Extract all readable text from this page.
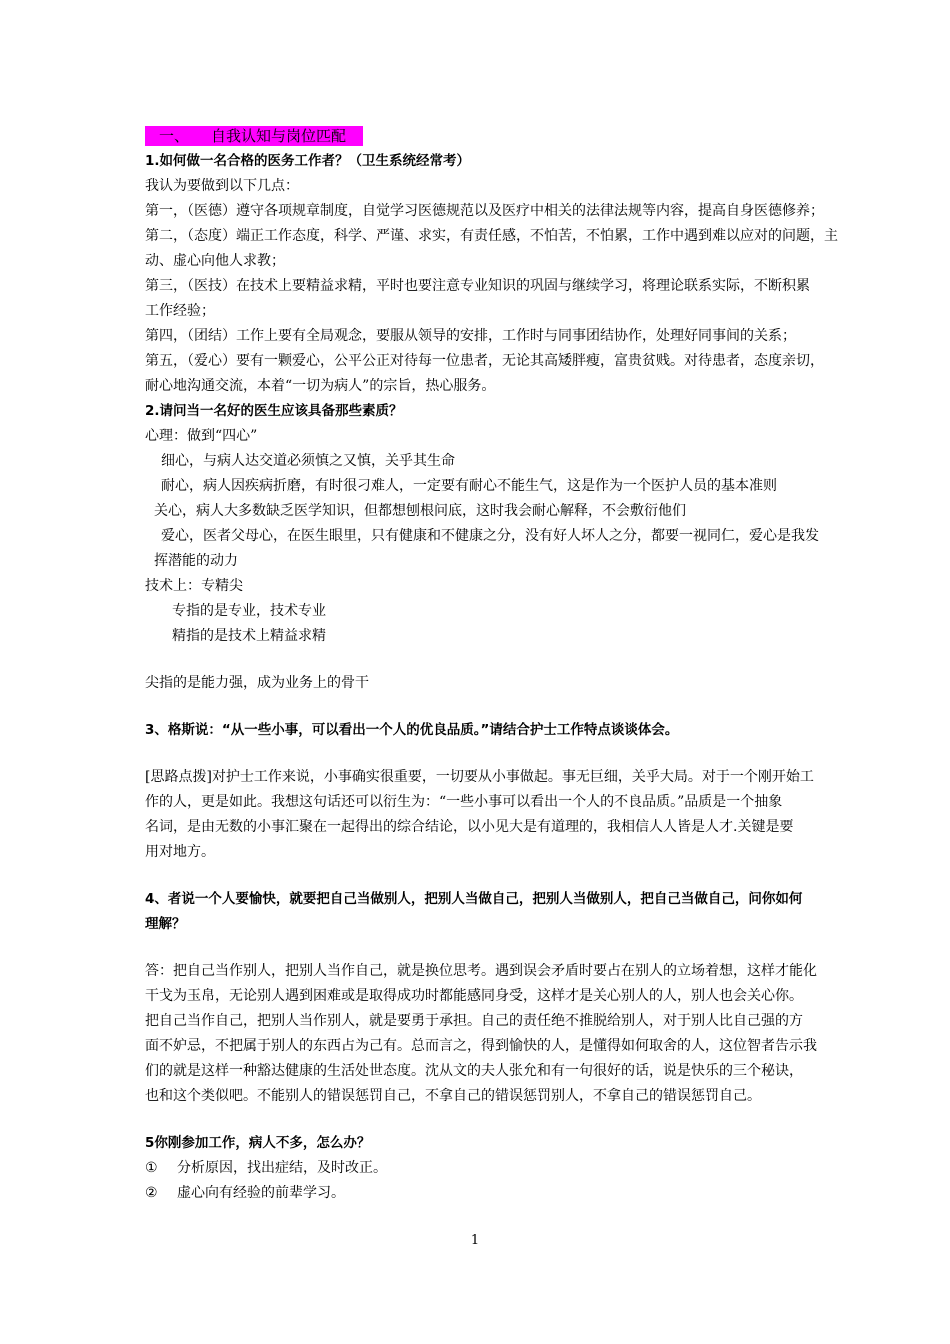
一、

自我认知与岗位匹配

1.如何做一名合格的医务工作者？（卫生系统经常考）
我认为要做到以下几点：
第一，（医德）遵守各项规章制度，自觉学习医德规范以及医疗中相关的法律法规等内容，提高自身医德修养；
第二，（态度）端正工作态度，科学、严谨、求实，有责任感，不怕苦，不怕累，工作中遇到难以应对的问题，主
动、虚心向他人求教；
第三，（医技）在技术上要精益求精，平时也要注意专业知识的巩固与继续学习，将理论联系实际，不断积累
工作经验；
第四，（团结）工作上要有全局观念，要服从领导的安排，工作时与同事团结协作，处理好同事间的关系；
第五，（爱心）要有一颗爱心，公平公正对待每一位患者，无论其高矮胖瘦，富贵贫贱。对待患者，态度亲切，
耐心地沟通交流，本着“一切为病人”的宗旨，热心服务。
2.请问当一名好的医生应该具备那些素质？
心理：做到“四心”
细心，与病人达交道必须慎之又慎，关乎其生命
耐心，病人因疾病折磨，有时很刁难人，一定要有耐心不能生气，这是作为一个医护人员的基本准则
关心，病人大多数缺乏医学知识，但都想刨根问底，这时我会耐心解释，不会敷衍他们
爱心，医者父母心，在医生眼里，只有健康和不健康之分，没有好人坏人之分，都要一视同仁，爱心是我发
挥潜能的动力
技术上：专精尖
专指的是专业，技术专业
精指的是技术上精益求精
尖指的是能力强，成为业务上的骨干
3、格斯说：“从一些小事，可以看出一个人的优良品质。”请结合护士工作特点谈谈体会。
[思路点拨]对护士工作来说，小事确实很重要，一切要从小事做起。事无巨细，关乎大局。对于一个刚开始工
作的人，更是如此。我想这句话还可以衍生为：“一些小事可以看出一个人的不良品质。”品质是一个抽象
名词，是由无数的小事汇聚在一起得出的综合结论，以小见大是有道理的，我相信人人皆是人才.关键是要
用对地方。
4、者说一个人要愉快，就要把自己当做别人，把别人当做自己，把别人当做别人，把自己当做自己，问你如何
理解？
答：把自己当作别人，把别人当作自己，就是换位思考。遇到误会矛盾时要占在别人的立场着想，这样才能化
干戈为玉帛，无论别人遇到困难或是取得成功时都能感同身受，这样才是关心别人的人，别人也会关心你。
把自己当作自己，把别人当作别人，就是要勇于承担。自己的责任绝不推脱给别人，对于别人比自己强的方
面不妒忌，不把属于别人的东西占为己有。总而言之，得到愉快的人，是懂得如何取舍的人，这位智者告示我
们的就是这样一种豁达健康的生活处世态度。沈从文的夫人张允和有一句很好的话，说是快乐的三个秘诀，
也和这个类似吧。不能别人的错误惩罚自己，不拿自己的错误惩罚别人，不拿自己的错误惩罚自己。
5你刚参加工作，病人不多，怎么办？
① 分析原因，找出症结，及时改正。
② 虚心向有经验的前辈学习。
1
